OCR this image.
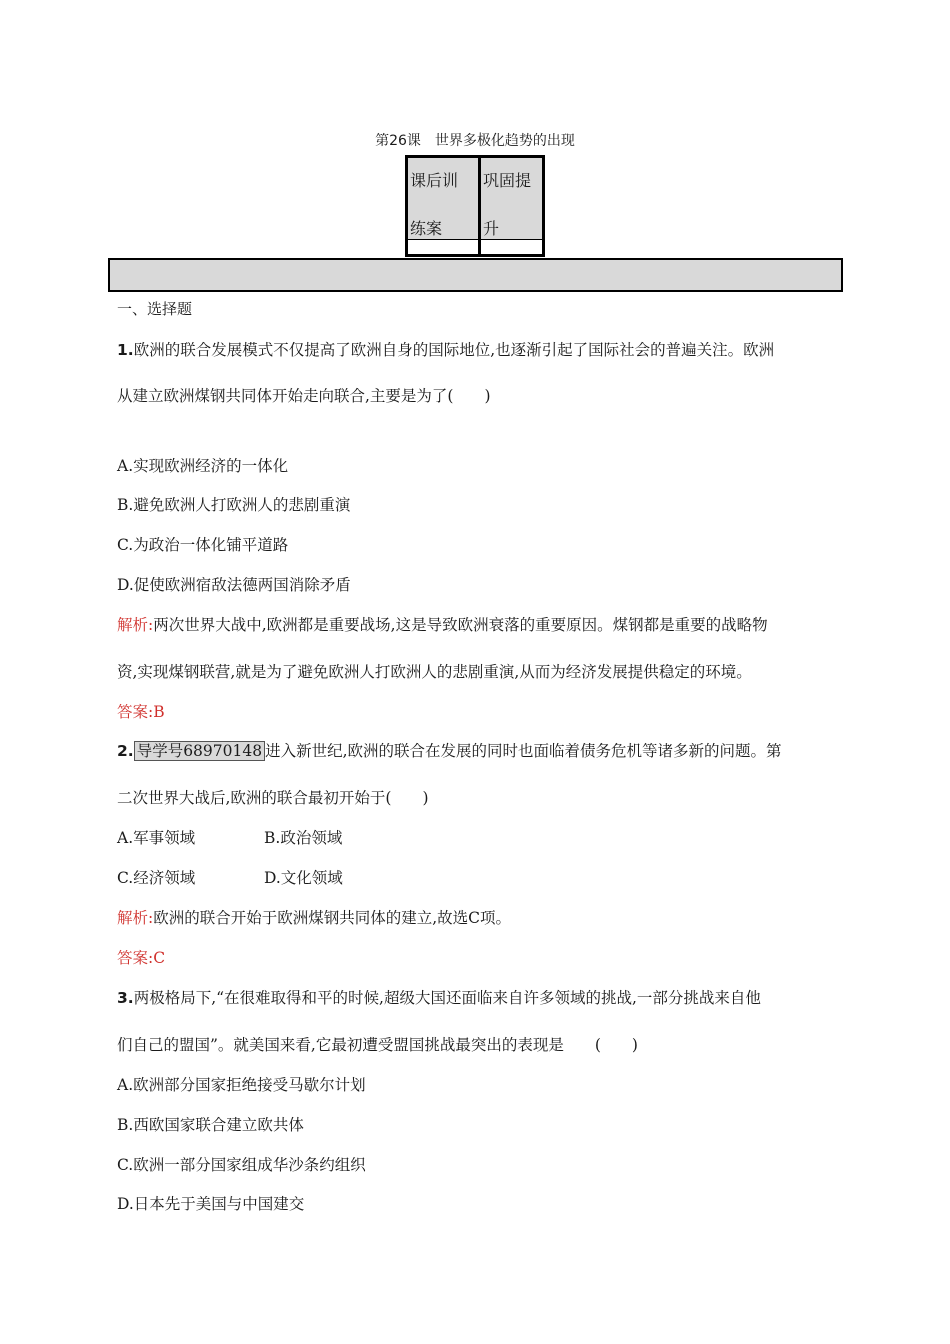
第26课　世界多极化趋势的出现
课后训
练案
巩固提
升
一、选择题
1.欧洲的联合发展模式不仅提高了欧洲自身的国际地位,也逐渐引起了国际社会的普遍关注。欧洲
从建立欧洲煤钢共同体开始走向联合,主要是为了(　　)
A.实现欧洲经济的一体化
B.避免欧洲人打欧洲人的悲剧重演
C.为政治一体化铺平道路
D.促使欧洲宿敌法德两国消除矛盾
解析:两次世界大战中,欧洲都是重要战场,这是导致欧洲衰落的重要原因。煤钢都是重要的战略物
资,实现煤钢联营,就是为了避免欧洲人打欧洲人的悲剧重演,从而为经济发展提供稳定的环境。
答案:B
2. 导学号68970148 进入新世纪,欧洲的联合在发展的同时也面临着债务危机等诸多新的问题。第
二次世界大战后,欧洲的联合最初开始于(　　)
A.军事领域	B.政治领域
C.经济领域	D.文化领域
解析:欧洲的联合开始于欧洲煤钢共同体的建立,故选C项。
答案:C
3.两极格局下,“在很难取得和平的时候,超级大国还面临来自许多领域的挑战,一部分挑战来自他
们自己的盟国”。就美国来看,它最初遭受盟国挑战最突出的表现是　　(　　)
A.欧洲部分国家拒绝接受马歇尔计划
B.西欧国家联合建立欧共体
C.欧洲一部分国家组成华沙条约组织
D.日本先于美国与中国建交
